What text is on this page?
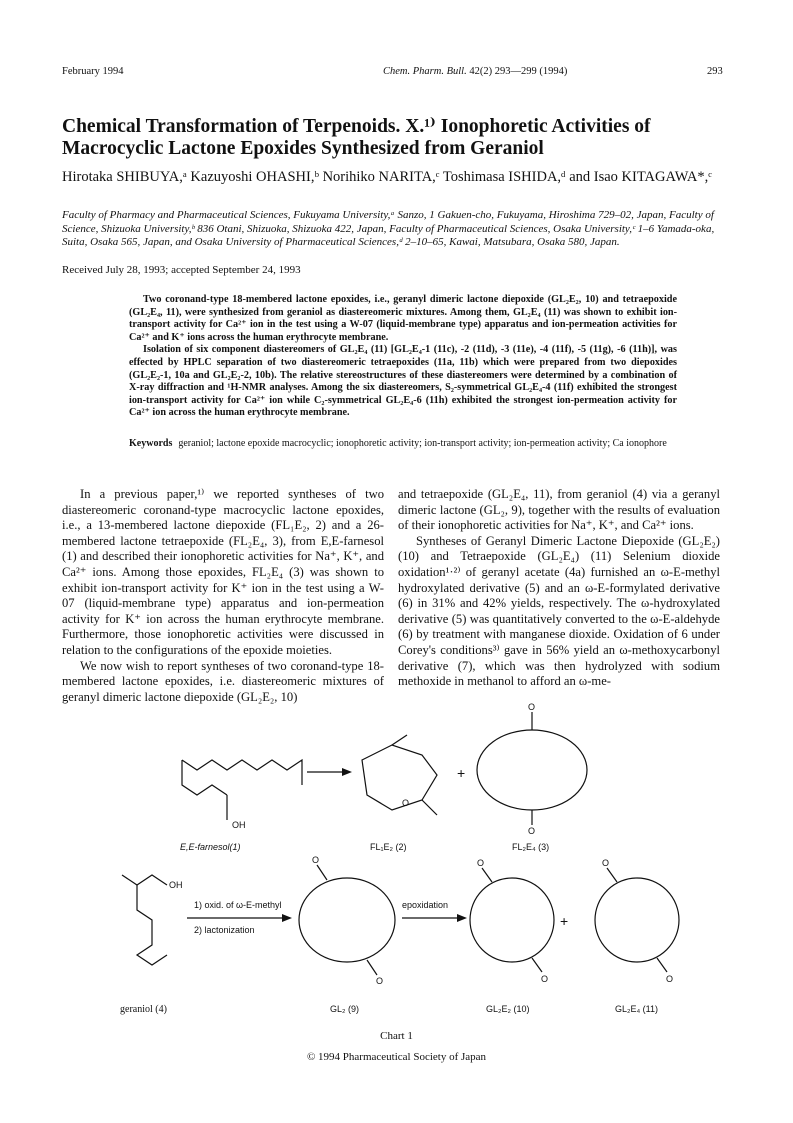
February 1994	Chem. Pharm. Bull. 42(2) 293—299 (1994)	293
Chemical Transformation of Terpenoids. X.¹⁾ Ionophoretic Activities of Macrocyclic Lactone Epoxides Synthesized from Geraniol
Hirotaka SHIBUYA,ᵃ Kazuyoshi OHASHI,ᵇ Norihiko NARITA,ᶜ Toshimasa ISHIDA,ᵈ and Isao KITAGAWA*,ᶜ
Faculty of Pharmacy and Pharmaceutical Sciences, Fukuyama University,ᵃ Sanzo, 1 Gakuen-cho, Fukuyama, Hiroshima 729–02, Japan, Faculty of Science, Shizuoka University,ᵇ 836 Otani, Shizuoka, Shizuoka 422, Japan, Faculty of Pharmaceutical Sciences, Osaka University,ᶜ 1–6 Yamada-oka, Suita, Osaka 565, Japan, and Osaka University of Pharmaceutical Sciences,ᵈ 2–10–65, Kawai, Matsubara, Osaka 580, Japan.
Received July 28, 1993; accepted September 24, 1993

Two coronand-type 18-membered lactone epoxides, i.e., geranyl dimeric lactone diepoxide (GL₂E₂, 10) and tetraepoxide (GL₂E₄, 11), were synthesized from geraniol as diastereomeric mixtures. Among them, GL₂E₄ (11) was shown to exhibit ion-transport activity for Ca²⁺ ion in the test using a W-07 (liquid-membrane type) apparatus and ion-permeation activities for Ca²⁺ and K⁺ ions across the human erythrocyte membrane.

Isolation of six component diastereomers of GL₂E₄ (11) [GL₂E₄-1 (11c), -2 (11d), -3 (11e), -4 (11f), -5 (11g), -6 (11h)], was effected by HPLC separation of two diastereomeric tetraepoxides (11a, 11b) which were prepared from two diepoxides (GL₂E₂-1, 10a and GL₂E₂-2, 10b). The relative stereostructures of these diastereomers were determined by a combination of X-ray diffraction and ¹H-NMR analyses. Among the six diastereomers, S₂-symmetrical GL₂E₄-4 (11f) exhibited the strongest ion-transport activity for Ca²⁺ ion while C₂-symmetrical GL₂E₄-6 (11h) exhibited the strongest ion-permeation activity for Ca²⁺ ion across the human erythrocyte membrane.

Keywords geraniol; lactone epoxide macrocyclic; ionophoretic activity; ion-transport activity; ion-permeation activity; Ca ionophore

In a previous paper,¹⁾ we reported syntheses of two diastereomeric coronand-type macrocyclic lactone epoxides, i.e., a 13-membered lactone diepoxide (FL₁E₂, 2) and a 26-membered lactone tetraepoxide (FL₂E₄, 3), from E,E-farnesol (1) and described their ionophoretic activities for Na⁺, K⁺, and Ca²⁺ ions. Among those epoxides, FL₂E₄ (3) was shown to exhibit ion-transport activity for K⁺ ion in the test using a W-07 (liquid-membrane type) apparatus and ion-permeation activity for K⁺ ion across the human erythrocyte membrane. Furthermore, those ionophoretic activities were discussed in relation to the configurations of the epoxide moieties.

We now wish to report syntheses of two coronand-type 18-membered lactone epoxides, i.e. diastereomeric mixtures of geranyl dimeric lactone diepoxide (GL₂E₂, 10)

and tetraepoxide (GL₂E₄, 11), from geraniol (4) via a geranyl dimeric lactone (GL₂, 9), together with the results of evaluation of their ionophoretic activities for Na⁺, K⁺, and Ca²⁺ ions.

Syntheses of Geranyl Dimeric Lactone Diepoxide (GL₂E₂) (10) and Tetraepoxide (GL₂E₄) (11) Selenium dioxide oxidation¹·²⁾ of geranyl acetate (4a) furnished an ω-E-methyl hydroxylated derivative (5) and an ω-E-formylated derivative (6) in 31% and 42% yields, respectively. The ω-hydroxylated derivative (5) was quantitatively converted to the ω-E-aldehyde (6) by treatment with manganese dioxide. Oxidation of 6 under Corey's conditions³⁾ gave in 56% yield an ω-methoxycarbonyl derivative (7), which was then hydrolyzed with sodium methoxide in methanol to afford an ω-me-

OH
O
+
O
O
E,E-farnesol(1)	FL₁E₂ (2)	FL₂E₄ (3)
OH
1) oxid. of ω-E-methyl
2) lactonization
O
O
epoxidation
O
O
+
O
O
geraniol (4)	GL₂ (9)	GL₂E₂ (10)	GL₂E₄ (11)
Chart 1
© 1994 Pharmaceutical Society of Japan
